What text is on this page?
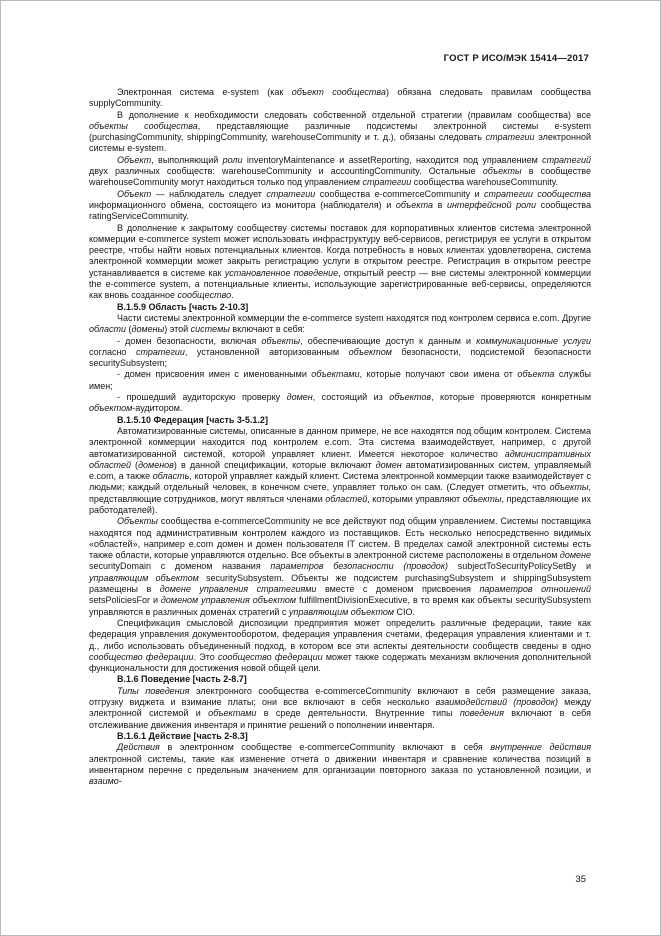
ГОСТ Р ИСО/МЭК 15414—2017

Электронная система e-system (как объект сообщества) обязана следовать правилам сообщества supplyCommunity.

В дополнение к необходимости следовать собственной отдельной стратегии (правилам сообщества) все объекты сообщества, представляющие различные подсистемы электронной системы e-system (purchasingCommunity, shippingCommunity, warehouseCommunity и т. д.), обязаны следовать стратегии электронной системы e-system.

Объект, выполняющий роли inventoryMaintenance и assetReporting, находится под управлением стратегий двух различных сообществ: warehouseCommunity и accountingCommunity. Остальные объекты в сообществе warehouseCommunity могут находиться только под управлением стратегии сообщества warehouseCommunity.

Объект — наблюдатель следует стратегии сообщества e-commerceCommunity и стратегии сообщества информационного обмена, состоящего из монитора (наблюдателя) и объекта в интерфейсной роли сообщества ratingServiceCommunity.

В дополнение к закрытому сообществу системы поставок для корпоративных клиентов система электронной коммерции e-commerce system может использовать инфраструктуру веб-сервисов, регистрируя ее услуги в открытом реестре, чтобы найти новых потенциальных клиентов. Когда потребность в новых клиентах удовлетворена, система электронной коммерции может закрыть регистрацию услуги в открытом реестре. Регистрация в открытом реестре устанавливается в системе как установленное поведение, открытый реестр — вне системы электронной коммерции the e-commerce system, а потенциальные клиенты, использующие зарегистрированные веб-сервисы, определяются как вновь созданное сообщество.

В.1.5.9 Область [часть 2-10.3]

Части системы электронной коммерции the e-commerce system находятся под контролем сервиса e.com. Другие области (домены) этой системы включают в себя:

- домен безопасности, включая объекты, обеспечивающие доступ к данным и коммуникационные услуги согласно стратегии, установленной авторизованным объектом безопасности, подсистемой безопасности securitySubsystem;

- домен присвоения имен с именованными объектами, которые получают свои имена от объекта службы имен;

- прошедший аудиторскую проверку домен, состоящий из объектов, которые проверяются конкретным объектом-аудитором.

В.1.5.10 Федерация [часть 3-5.1.2]

Автоматизированные системы, описанные в данном примере, не все находятся под общим контролем. Система электронной коммерции находится под контролем e.com. Эта система взаимодействует, например, с другой автоматизированной системой, которой управляет клиент. Имеется некоторое количество административных областей (доменов) в данной спецификации, которые включают домен автоматизированных систем, управляемый e.com, а также область, которой управляет каждый клиент. Система электронной коммерции также взаимодействует с людьми; каждый отдельный человек, в конечном счете, управляет только он сам. (Следует отметить, что объекты, представляющие сотрудников, могут являться членами областей, которыми управляют объекты, представляющие их работодателей).

Объекты сообщества e-commerceCommunity не все действуют под общим управлением. Системы поставщика находятся под административным контролем каждого из поставщиков. Есть несколько непосредственно видимых «областей», например e.com домен и домен пользователя IT систем. В пределах самой электронной системы есть также области, которые управляются отдельно. Все объекты в электронной системе расположены в отдельном домене securityDomain с доменом названия параметров безопасности (проводок) subjectToSecurityPolicySetBy и управляющим объектом securitySubsystem. Объекты же подсистем purchasingSubsystem и shippingSubsystem размещены в домене управления стратегиями вместе с доменом присвоения параметров отношений setsPoliciesFor и доменом управления объектом fulfillmentDivisionExecutive, в то время как объекты securitySubsystem управляются в различных доменах стратегий с управляющим объектом CIO.

Спецификация смысловой диспозиции предприятия может определить различные федерации, такие как федерация управления документооборотом, федерация управления счетами, федерация управления клиентами и т. д., либо использовать объединенный подход, в котором все эти аспекты деятельности сообществ сведены в одно сообщество федерации. Это сообщество федерации может также содержать механизм включения дополнительной функциональности для достижения новой общей цели.

В.1.6 Поведение [часть 2-8.7]

Типы поведения электронного сообщества e-commerceCommunity включают в себя размещение заказа, отгрузку виджета и взимание платы; они все включают в себя несколько взаимодействий (проводок) между электронной системой и объектами в среде деятельности. Внутренние типы поведения включают в себя отслеживание движения инвентаря и принятие решений о пополнении инвентаря.

В.1.6.1 Действие [часть 2-8.3]

Действия в электронном сообществе e-commerceCommunity включают в себя внутренние действия электронной системы, такие как изменение отчета о движении инвентаря и сравнение количества позиций в инвентарном перечне с предельным значением для организации повторного заказа по установленной позиции, и взаимо-

35
